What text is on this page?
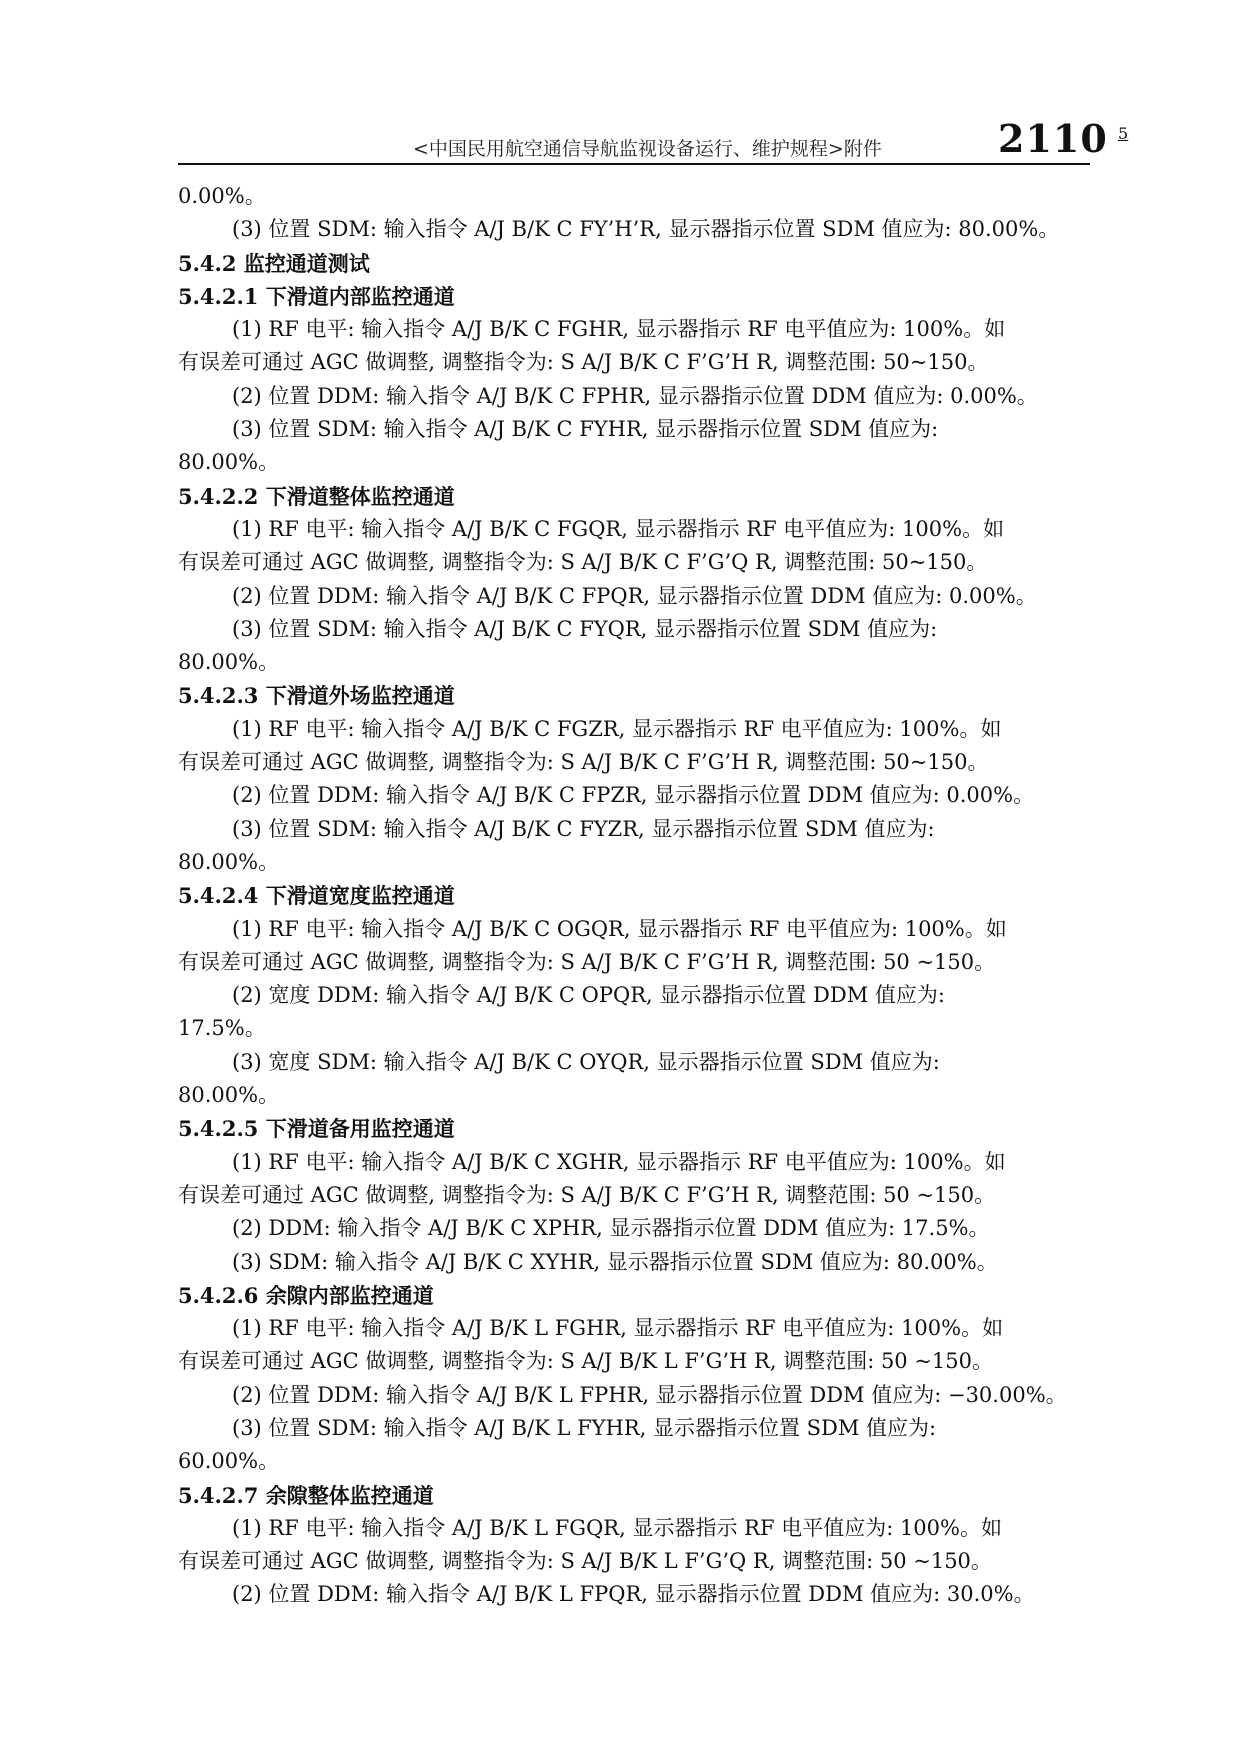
<中国民用航空通信导航监视设备运行、维护规程>附件	2110 5
0.00%。
(3) 位置 SDM: 输入指令 A/J B/K C FY’H’R, 显示器指示位置 SDM 值应为: 80.00%。
5.4.2 监控通道测试
5.4.2.1 下滑道内部监控通道
(1) RF 电平: 输入指令 A/J B/K C FGHR, 显示器指示 RF 电平值应为: 100%。如
有误差可通过 AGC 做调整, 调整指令为: S A/J B/K C F’G’H R, 调整范围: 50~150。
(2) 位置 DDM: 输入指令 A/J B/K C FPHR, 显示器指示位置 DDM 值应为: 0.00%。
(3) 位置 SDM: 输入指令 A/J B/K C FYHR, 显示器指示位置 SDM 值应为:
80.00%。
5.4.2.2 下滑道整体监控通道
(1) RF 电平: 输入指令 A/J B/K C FGQR, 显示器指示 RF 电平值应为: 100%。如
有误差可通过 AGC 做调整, 调整指令为: S A/J B/K C F’G’Q R, 调整范围: 50~150。
(2) 位置 DDM: 输入指令 A/J B/K C FPQR, 显示器指示位置 DDM 值应为: 0.00%。
(3) 位置 SDM: 输入指令 A/J B/K C FYQR, 显示器指示位置 SDM 值应为:
80.00%。
5.4.2.3 下滑道外场监控通道
(1) RF 电平: 输入指令 A/J B/K C FGZR, 显示器指示 RF 电平值应为: 100%。如
有误差可通过 AGC 做调整, 调整指令为: S A/J B/K C F’G’H R, 调整范围: 50~150。
(2) 位置 DDM: 输入指令 A/J B/K C FPZR, 显示器指示位置 DDM 值应为: 0.00%。
(3) 位置 SDM: 输入指令 A/J B/K C FYZR, 显示器指示位置 SDM 值应为:
80.00%。
5.4.2.4 下滑道宽度监控通道
(1) RF 电平: 输入指令 A/J B/K C OGQR, 显示器指示 RF 电平值应为: 100%。如
有误差可通过 AGC 做调整, 调整指令为: S A/J B/K C F’G’H R, 调整范围: 50 ~150。
(2) 宽度 DDM: 输入指令 A/J B/K C OPQR, 显示器指示位置 DDM 值应为:
17.5%。
(3) 宽度 SDM: 输入指令 A/J B/K C OYQR, 显示器指示位置 SDM 值应为:
80.00%。
5.4.2.5 下滑道备用监控通道
(1) RF 电平: 输入指令 A/J B/K C XGHR, 显示器指示 RF 电平值应为: 100%。如
有误差可通过 AGC 做调整, 调整指令为: S A/J B/K C F’G’H R, 调整范围: 50 ~150。
(2) DDM: 输入指令 A/J B/K C XPHR, 显示器指示位置 DDM 值应为: 17.5%。
(3) SDM: 输入指令 A/J B/K C XYHR, 显示器指示位置 SDM 值应为: 80.00%。
5.4.2.6 余隙内部监控通道
(1) RF 电平: 输入指令 A/J B/K L FGHR, 显示器指示 RF 电平值应为: 100%。如
有误差可通过 AGC 做调整, 调整指令为: S A/J B/K L F’G’H R, 调整范围: 50 ~150。
(2) 位置 DDM: 输入指令 A/J B/K L FPHR, 显示器指示位置 DDM 值应为: −30.00%。
(3) 位置 SDM: 输入指令 A/J B/K L FYHR, 显示器指示位置 SDM 值应为:
60.00%。
5.4.2.7 余隙整体监控通道
(1) RF 电平: 输入指令 A/J B/K L FGQR, 显示器指示 RF 电平值应为: 100%。如
有误差可通过 AGC 做调整, 调整指令为: S A/J B/K L F’G’Q R, 调整范围: 50 ~150。
(2) 位置 DDM: 输入指令 A/J B/K L FPQR, 显示器指示位置 DDM 值应为: 30.0%。
